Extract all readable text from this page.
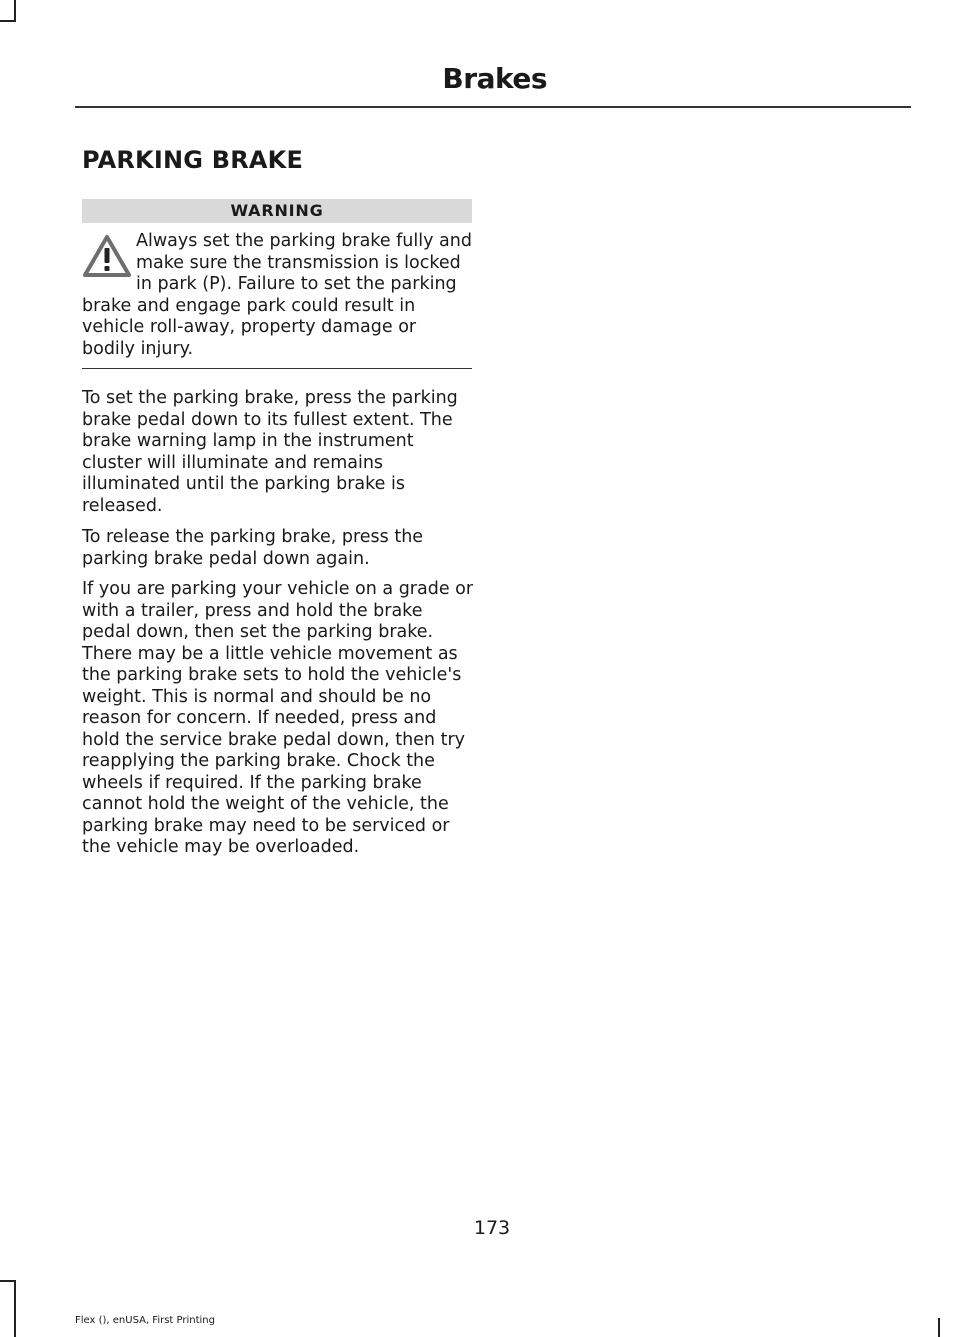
Brakes
PARKING BRAKE
WARNING

Always set the parking brake fully and make sure the transmission is locked in park (P). Failure to set the parking brake and engage park could result in vehicle roll-away, property damage or bodily injury.

To set the parking brake, press the parking brake pedal down to its fullest extent. The brake warning lamp in the instrument cluster will illuminate and remains illuminated until the parking brake is released.

To release the parking brake, press the parking brake pedal down again.

If you are parking your vehicle on a grade or with a trailer, press and hold the brake pedal down, then set the parking brake. There may be a little vehicle movement as the parking brake sets to hold the vehicle's weight. This is normal and should be no reason for concern. If needed, press and hold the service brake pedal down, then try reapplying the parking brake. Chock the wheels if required. If the parking brake cannot hold the weight of the vehicle, the parking brake may need to be serviced or the vehicle may be overloaded.

173

Flex (), enUSA, First Printing
